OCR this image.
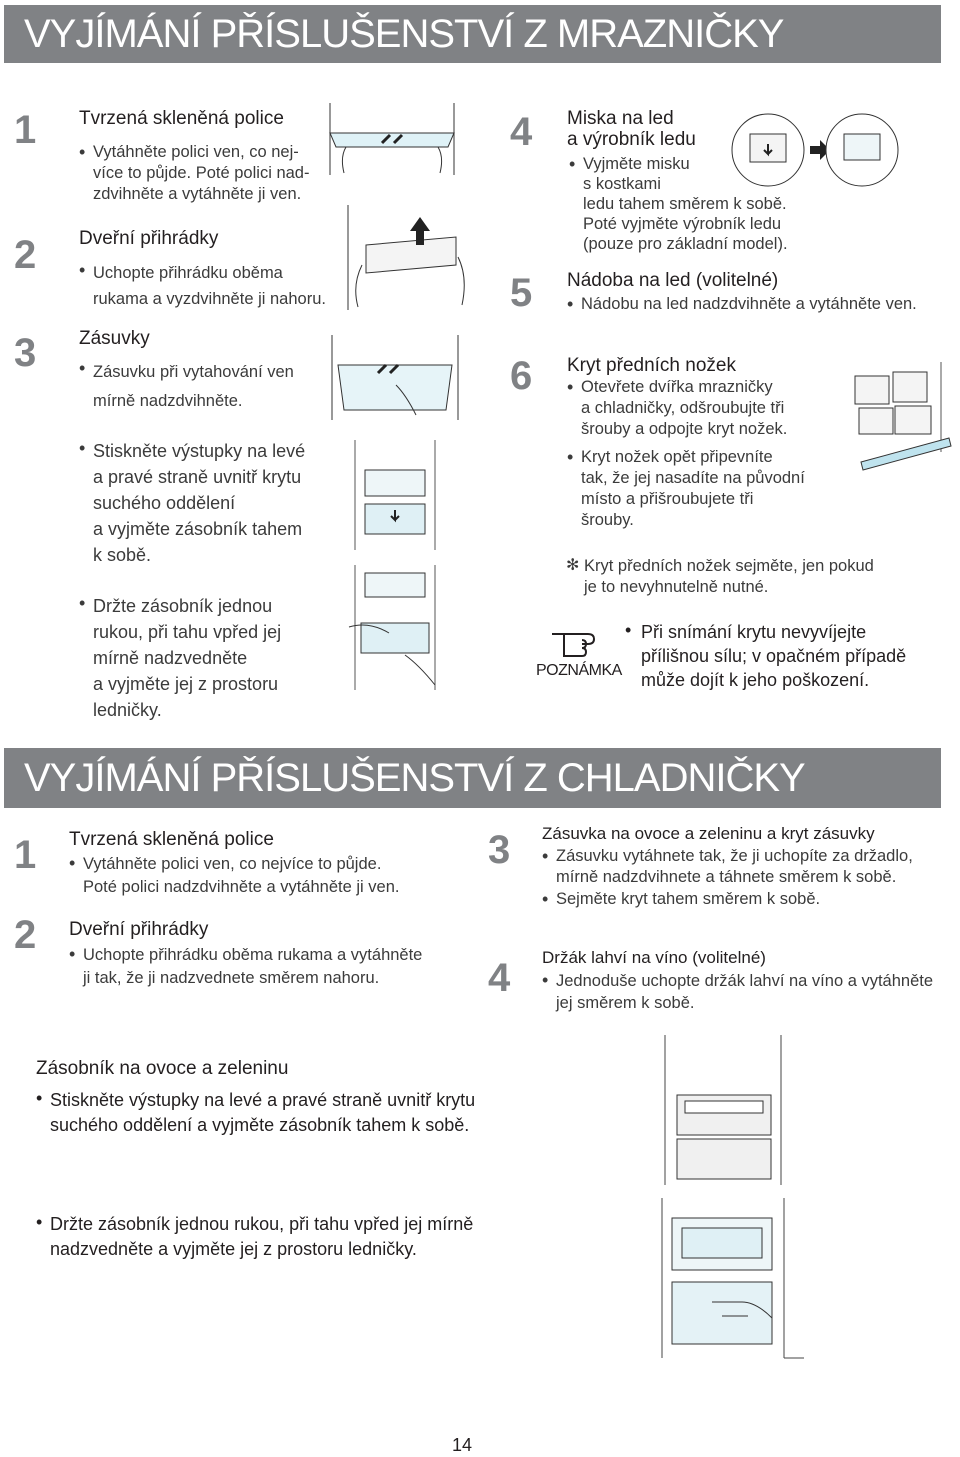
VYJÍMÁNÍ PŘÍSLUŠENSTVÍ Z MRAZNIČKY
1	Tvrzená skleněná police
• Vytáhněte polici ven, co nej-
více to půjde. Poté polici nad-
zdvihněte a vytáhněte ji ven.
2	Dveřní přihrádky
• Uchopte přihrádku oběma
rukama a vyzdvihněte ji nahoru.
3	Zásuvky
• Zásuvku při vytahování ven
mírně nadzdvihněte.
• Stiskněte výstupky na levé
a pravé straně uvnitř krytu
suchého oddělení
a vyjměte zásobník tahem
k sobě.
• Držte zásobník jednou
rukou, při tahu vpřed jej
mírně nadzvedněte
a vyjměte jej z prostoru
ledničky.
4	Miska na led
a výrobník ledu
• Vyjměte misku
s kostkami
ledu tahem směrem k sobě.
Poté vyjměte výrobník ledu
(pouze pro základní model).
5	Nádoba na led (volitelné)
• Nádobu na led nadzdvihněte a vytáhněte ven.
6	Kryt předních nožek
• Otevřete dvířka mrazničky
a chladničky, odšroubujte tři
šrouby a odpojte kryt nožek.
• Kryt nožek opět připevníte
tak, že jej nasadíte na původní
místo a přišroubujete tři
šrouby.
✻ Kryt předních nožek sejměte, jen pokud
je to nevyhnutelně nutné.
POZNÁMKA
• Při snímání krytu nevyvíjejte
přílišnou sílu; v opačném případě
může dojít k jeho poškození.
VYJÍMÁNÍ PŘÍSLUŠENSTVÍ Z CHLADNIČKY
1	Tvrzená skleněná police
• Vytáhněte polici ven, co nejvíce to půjde.
Poté polici nadzdvihněte a vytáhněte ji ven.
2	Dveřní přihrádky
• Uchopte přihrádku oběma rukama a vytáhněte
ji tak, že ji nadzvednete směrem nahoru.
3	Zásuvka na ovoce a zeleninu a kryt zásuvky
• Zásuvku vytáhnete tak, že ji uchopíte za držadlo,
mírně nadzdvihnete a táhnete směrem k sobě.
• Sejměte kryt tahem směrem k sobě.
4	Držák lahví na víno (volitelné)
• Jednoduše uchopte držák lahví na víno a vytáhněte
jej směrem k sobě.
Zásobník na ovoce a zeleninu
• Stiskněte výstupky na levé a pravé straně uvnitř krytu
suchého oddělení a vyjměte zásobník tahem k sobě.
• Držte zásobník jednou rukou, při tahu vpřed jej mírně
nadzvedněte a vyjměte jej z prostoru ledničky.
14
